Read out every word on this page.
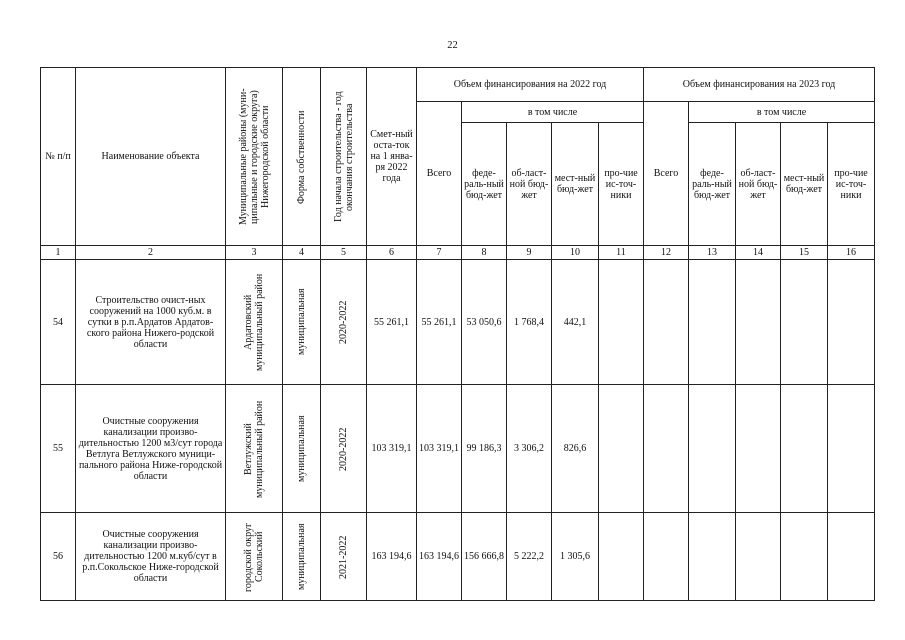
22
№ п/п	Наименование объекта	Муниципальные районы (муни-ципальные и городские округа) Нижегородской области	Форма собственности	Год начала строительства - год окончания строительства	Смет-ный оста-ток на 1 янва-ря 2022 года	Объем финансирования на 2022 год					Объем финансирования на 2023 год				
						Всего	в том числе				Всего	в том числе			
							феде-раль-ный бюд-жет	об-ласт-ной бюд-жет	мест-ный бюд-жет	про-чие ис-точ-ники		феде-раль-ный бюд-жет	об-ласт-ной бюд-жет	мест-ный бюд-жет	про-чие ис-точ-ники
1	2	3	4	5	6	7	8	9	10	11	12	13	14	15	16
54	Строительство очист-ных сооружений на 1000 куб.м. в сутки в р.п.Ардатов Ардатов-ского района Нижего-родской области	Ардатовский муниципальный район	муниципальная	2020-2022	55 261,1	55 261,1	53 050,6	1 768,4	442,1						
55	Очистные сооружения канализации произво-дительностью 1200 м3/сут города Ветлуга Ветлужского муници-пального района Ниже-городской области	Ветлужский муниципальный район	муниципальная	2020-2022	103 319,1	103 319,1	99 186,3	3 306,2	826,6						
56	Очистные сооружения канализации произво-дительностью 1200 м.куб/сут в р.п.Сокольское Ниже-городской области	городской округ Сокольский	муниципальная	2021-2022	163 194,6	163 194,6	156 666,8	5 222,2	1 305,6						
